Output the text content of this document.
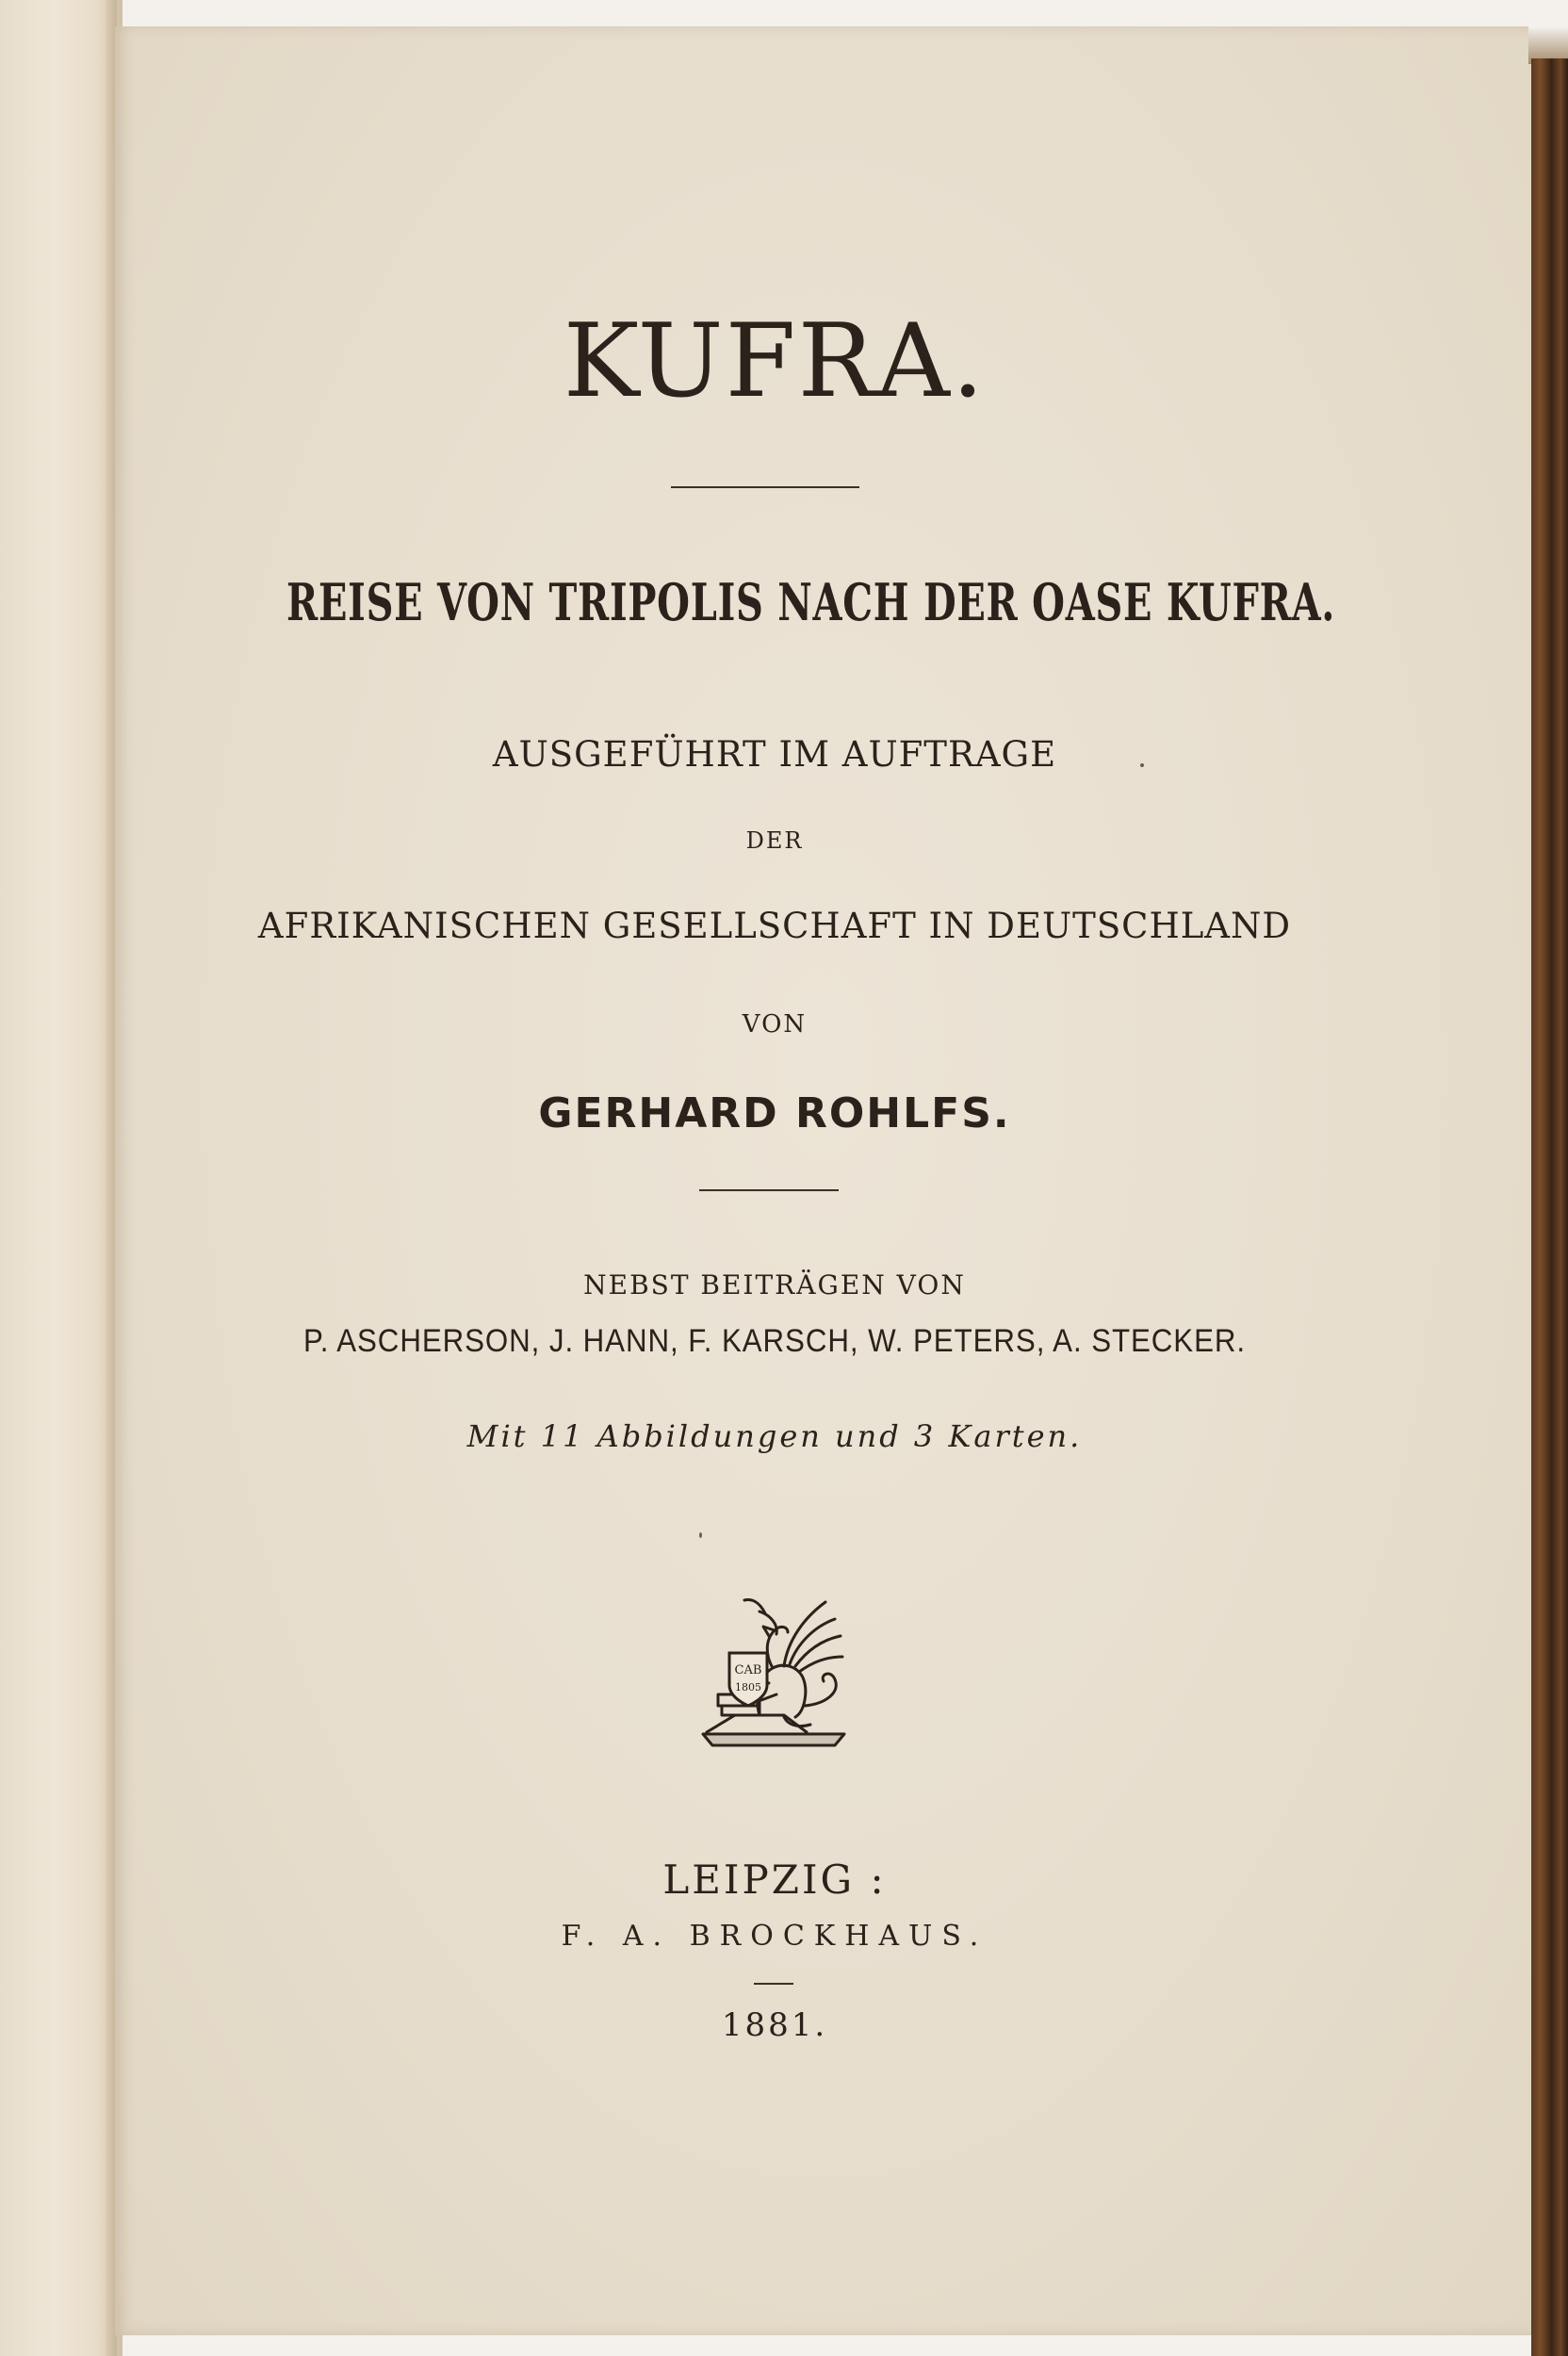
KUFRA.
REISE VON TRIPOLIS NACH DER OASE KUFRA.
AUSGEFÜHRT IM AUFTRAGE
DER
AFRIKANISCHEN GESELLSCHAFT IN DEUTSCHLAND
VON
GERHARD ROHLFS.
NEBST BEITRÄGEN VON
P. ASCHERSON, J. HANN, F. KARSCH, W. PETERS, A. STECKER.
Mit 11 Abbildungen und 3 Karten.
CAB
1805
LEIPZIG :
F. A. BROCKHAUS.
1881.
